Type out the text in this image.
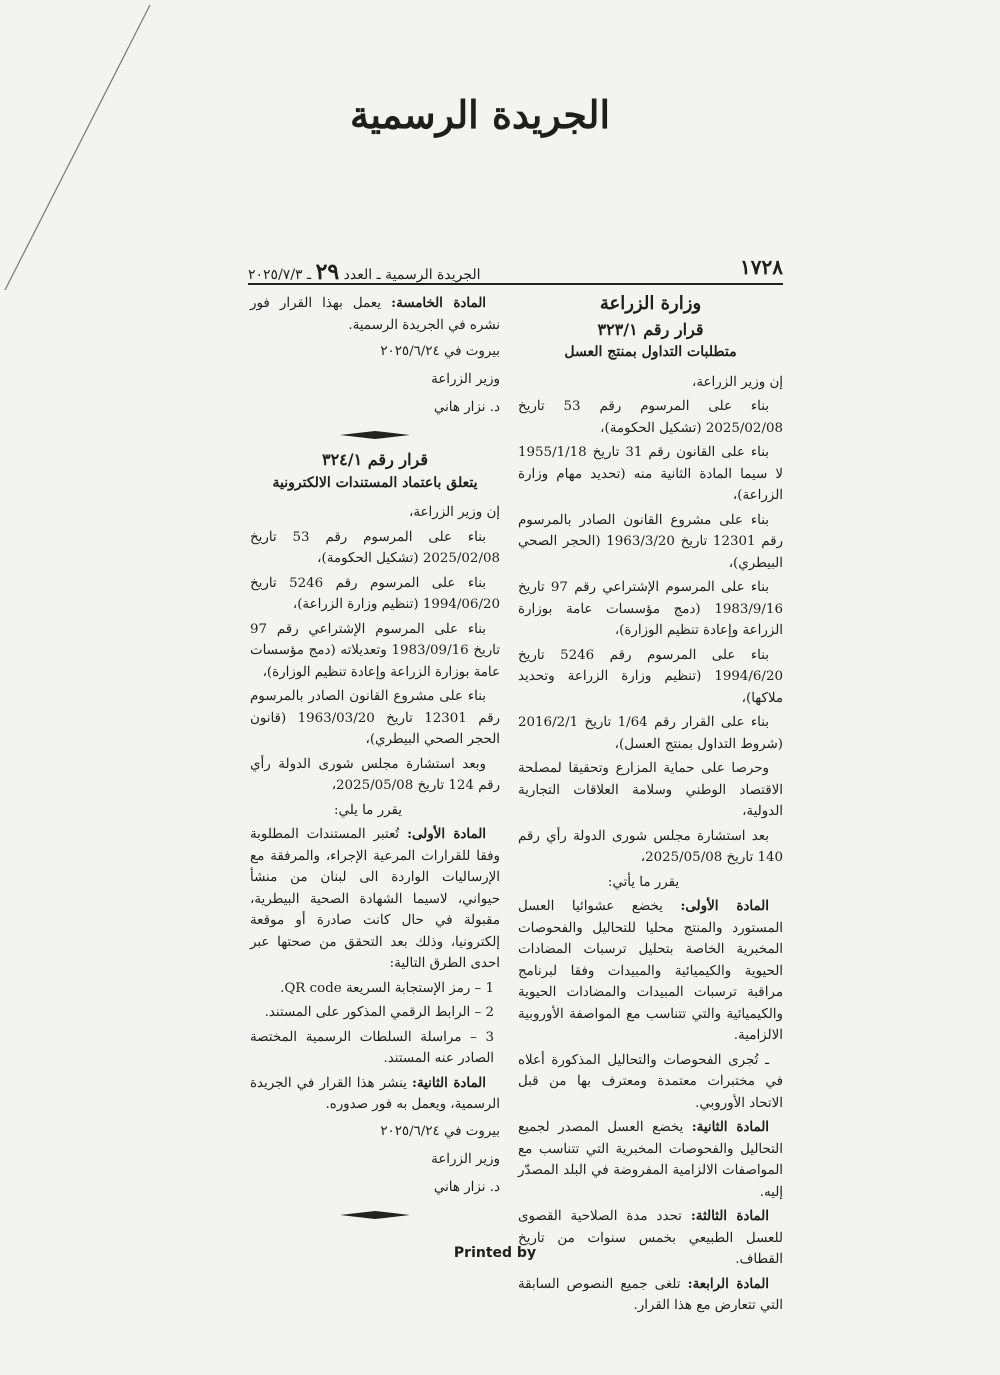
الجريدة الرسمية
١٧٢٨
الجريدة الرسمية ـ العدد ٢٩ ـ ٢٠٢٥/٧/٣
وزارة الزراعة
قرار رقم ٣٢٣/١
متطلبات التداول بمنتج العسل

إن وزير الزراعة،

بناء على المرسوم رقم 53 تاريخ 2025/02/08 (تشكيل الحكومة)،

بناء على القانون رقم 31 تاريخ 1955/1/18 لا سيما المادة الثانية منه (تحديد مهام وزارة الزراعة)،

بناء على مشروع القانون الصادر بالمرسوم رقم 12301 تاريخ 1963/3/20 (الحجر الصحي البيطري)،

بناء على المرسوم الإشتراعي رقم 97 تاريخ 1983/9/16 (دمج مؤسسات عامة بوزارة الزراعة وإعادة تنظيم الوزارة)،

بناء على المرسوم رقم 5246 تاريخ 1994/6/20 (تنظيم وزارة الزراعة وتحديد ملاكها)،

بناء على القرار رقم 1/64 تاريخ 2016/2/1 (شروط التداول بمنتج العسل)،

وحرصا على حماية المزارع وتحقيقا لمصلحة الاقتصاد الوطني وسلامة العلاقات التجارية الدولية،

بعد استشارة مجلس شورى الدولة رأي رقم 140 تاريخ 2025/05/08،

يقرر ما يأتي:

المادة الأولى: يخضع عشوائيا العسل المستورد والمنتج محليا للتحاليل والفحوصات المخبرية الخاصة بتحليل ترسبات المضادات الحيوية والكيميائية والمبيدات وفقا لبرنامج مراقبة ترسبات المبيدات والمضادات الحيوية والكيميائية والتي تتناسب مع المواصفة الأوروبية الالزامية.

ـ تُجرى الفحوصات والتحاليل المذكورة أعلاه في مختبرات معتمدة ومعترف بها من قبل الاتحاد الأوروبي.

المادة الثانية: يخضع العسل المصدر لجميع التحاليل والفحوصات المخبرية التي تتناسب مع المواصفات الالزامية المفروضة في البلد المصدّر إليه.

المادة الثالثة: تحدد مدة الصلاحية القصوى للعسل الطبيعي بخمس سنوات من تاريخ القطاف.

المادة الرابعة: تلغى جميع النصوص السابقة التي تتعارض مع هذا القرار.

المادة الخامسة: يعمل بهذا القرار فور نشره في الجريدة الرسمية.

بيروت في ٢٠٢٥/٦/٢٤

وزير الزراعة

د. نزار هاني

قرار رقم ٣٢٤/١
يتعلق باعتماد المستندات الالكترونية

إن وزير الزراعة،

بناء على المرسوم رقم 53 تاريخ 2025/02/08 (تشكيل الحكومة)،

بناء على المرسوم رقم 5246 تاريخ 1994/06/20 (تنظيم وزارة الزراعة)،

بناء على المرسوم الإشتراعي رقم 97 تاريخ 1983/09/16 وتعديلاته (دمج مؤسسات عامة بوزارة الزراعة وإعادة تنظيم الوزارة)،

بناء على مشروع القانون الصادر بالمرسوم رقم 12301 تاريخ 1963/03/20 (قانون الحجر الصحي البيطري)،

وبعد استشارة مجلس شورى الدولة رأي رقم 124 تاريخ 2025/05/08،

يقرر ما يلي:

المادة الأولى: تُعتبر المستندات المطلوبة وفقا للقرارات المرعية الإجراء، والمرفقة مع الإرساليات الواردة الى لبنان من منشأ حيواني، لاسيما الشهادة الصحية البيطرية، مقبولة في حال كانت صادرة أو موقعة إلكترونيا، وذلك بعد التحقق من صحتها عبر احدى الطرق التالية:

1 – رمز الإستجابة السريعة QR code.

2 – الرابط الرقمي المذكور على المستند.

3 – مراسلة السلطات الرسمية المختصة الصادر عنه المستند.

المادة الثانية: ينشر هذا القرار في الجريدة الرسمية، ويعمل به فور صدوره.

بيروت في ٢٠٢٥/٦/٢٤

وزير الزراعة

د. نزار هاني

Printed by
